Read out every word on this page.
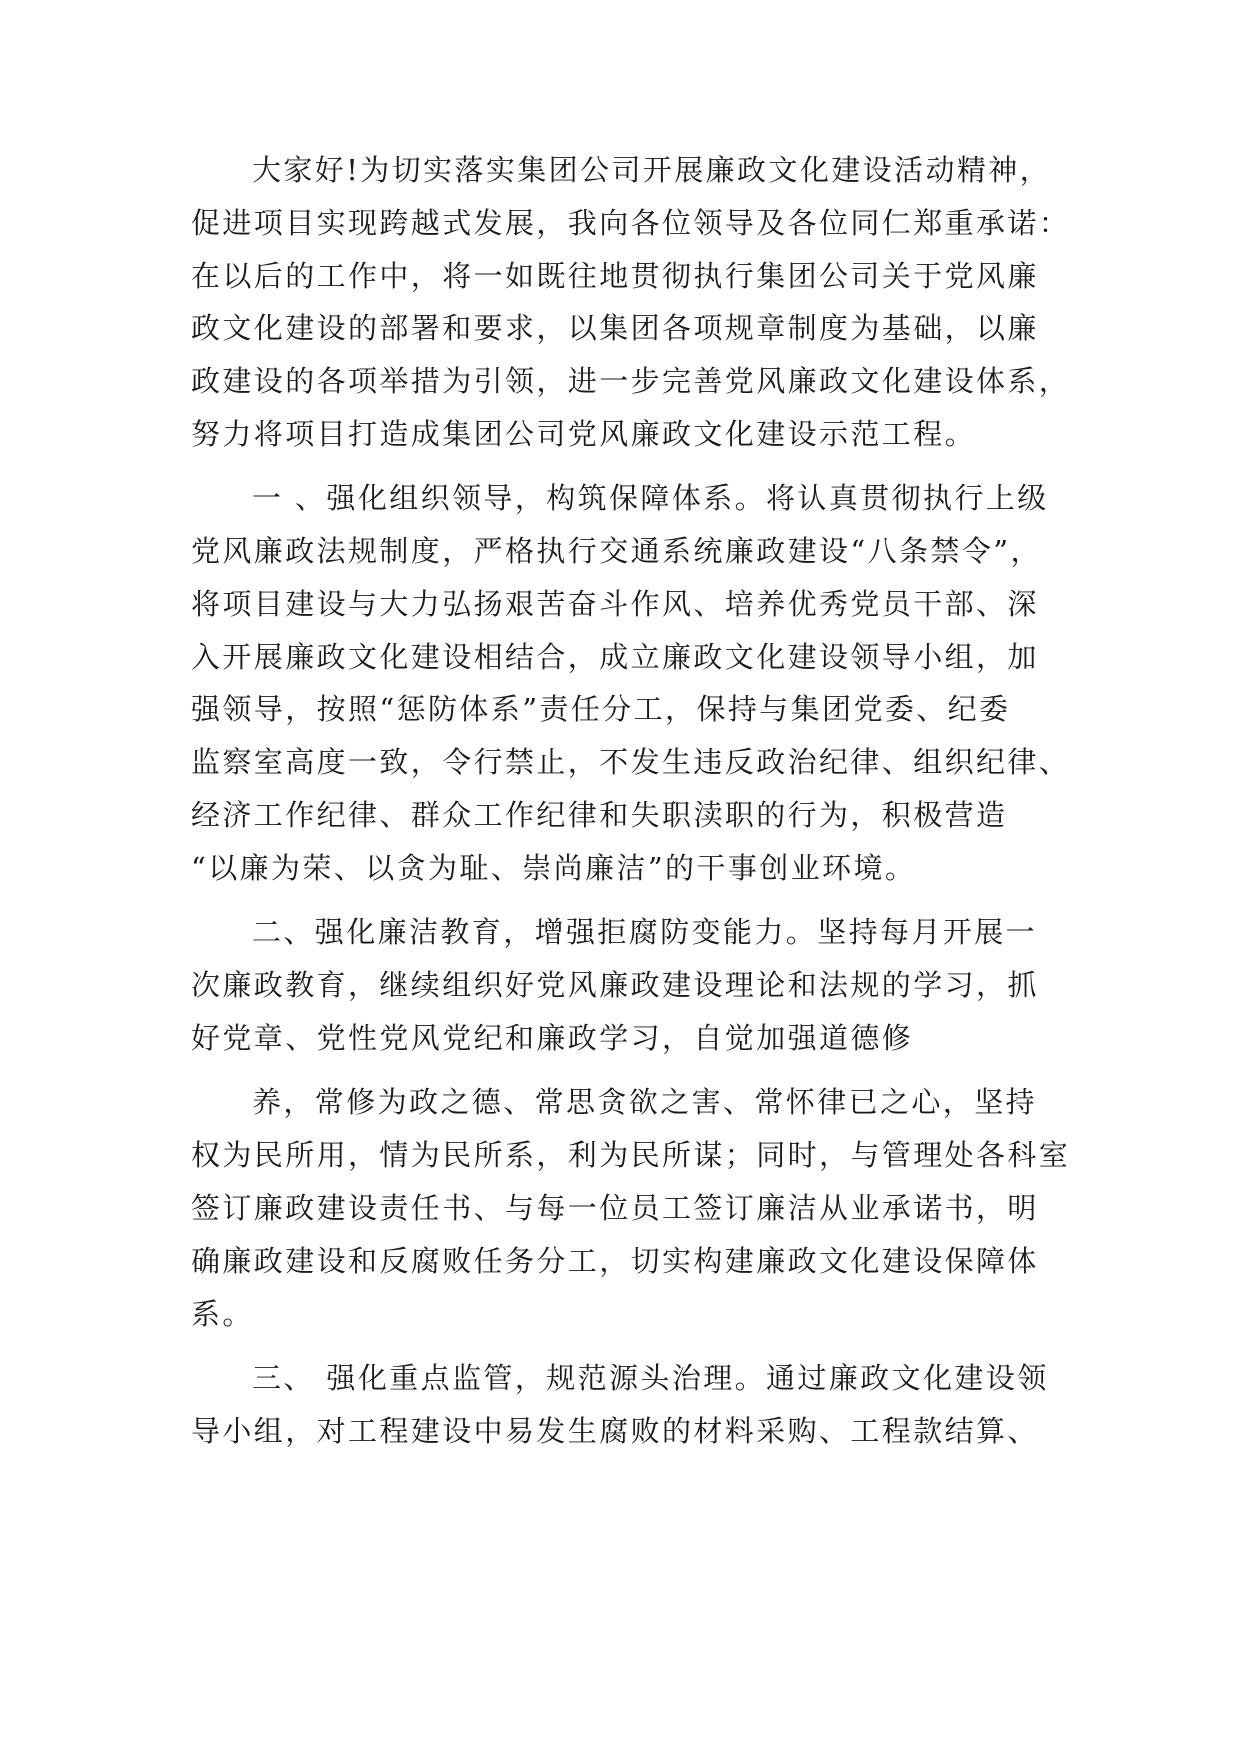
大家好!为切实落实集团公司开展廉政文化建设活动精神，
促进项目实现跨越式发展，我向各位领导及各位同仁郑重承诺：
在以后的工作中，将一如既往地贯彻执行集团公司关于党风廉
政文化建设的部署和要求，以集团各项规章制度为基础，以廉
政建设的各项举措为引领，进一步完善党风廉政文化建设体系，
努力将项目打造成集团公司党风廉政文化建设示范工程。
一 、强化组织领导，构筑保障体系。将认真贯彻执行上级
党风廉政法规制度，严格执行交通系统廉政建设“八条禁令”，
将项目建设与大力弘扬艰苦奋斗作风、培养优秀党员干部、深
入开展廉政文化建设相结合，成立廉政文化建设领导小组，加
强领导，按照“惩防体系”责任分工，保持与集团党委、纪委
监察室高度一致，令行禁止，不发生违反政治纪律、组织纪律、
经济工作纪律、群众工作纪律和失职渎职的行为，积极营造
“以廉为荣、以贪为耻、崇尚廉洁”的干事创业环境。
二、强化廉洁教育，增强拒腐防变能力。坚持每月开展一
次廉政教育，继续组织好党风廉政建设理论和法规的学习，抓
好党章、党性党风党纪和廉政学习，自觉加强道德修
养，常修为政之德、常思贪欲之害、常怀律已之心，坚持
权为民所用，情为民所系，利为民所谋；同时，与管理处各科室
签订廉政建设责任书、与每一位员工签订廉洁从业承诺书，明
确廉政建设和反腐败任务分工，切实构建廉政文化建设保障体
系。
三、 强化重点监管，规范源头治理。通过廉政文化建设领
导小组，对工程建设中易发生腐败的材料采购、工程款结算、
